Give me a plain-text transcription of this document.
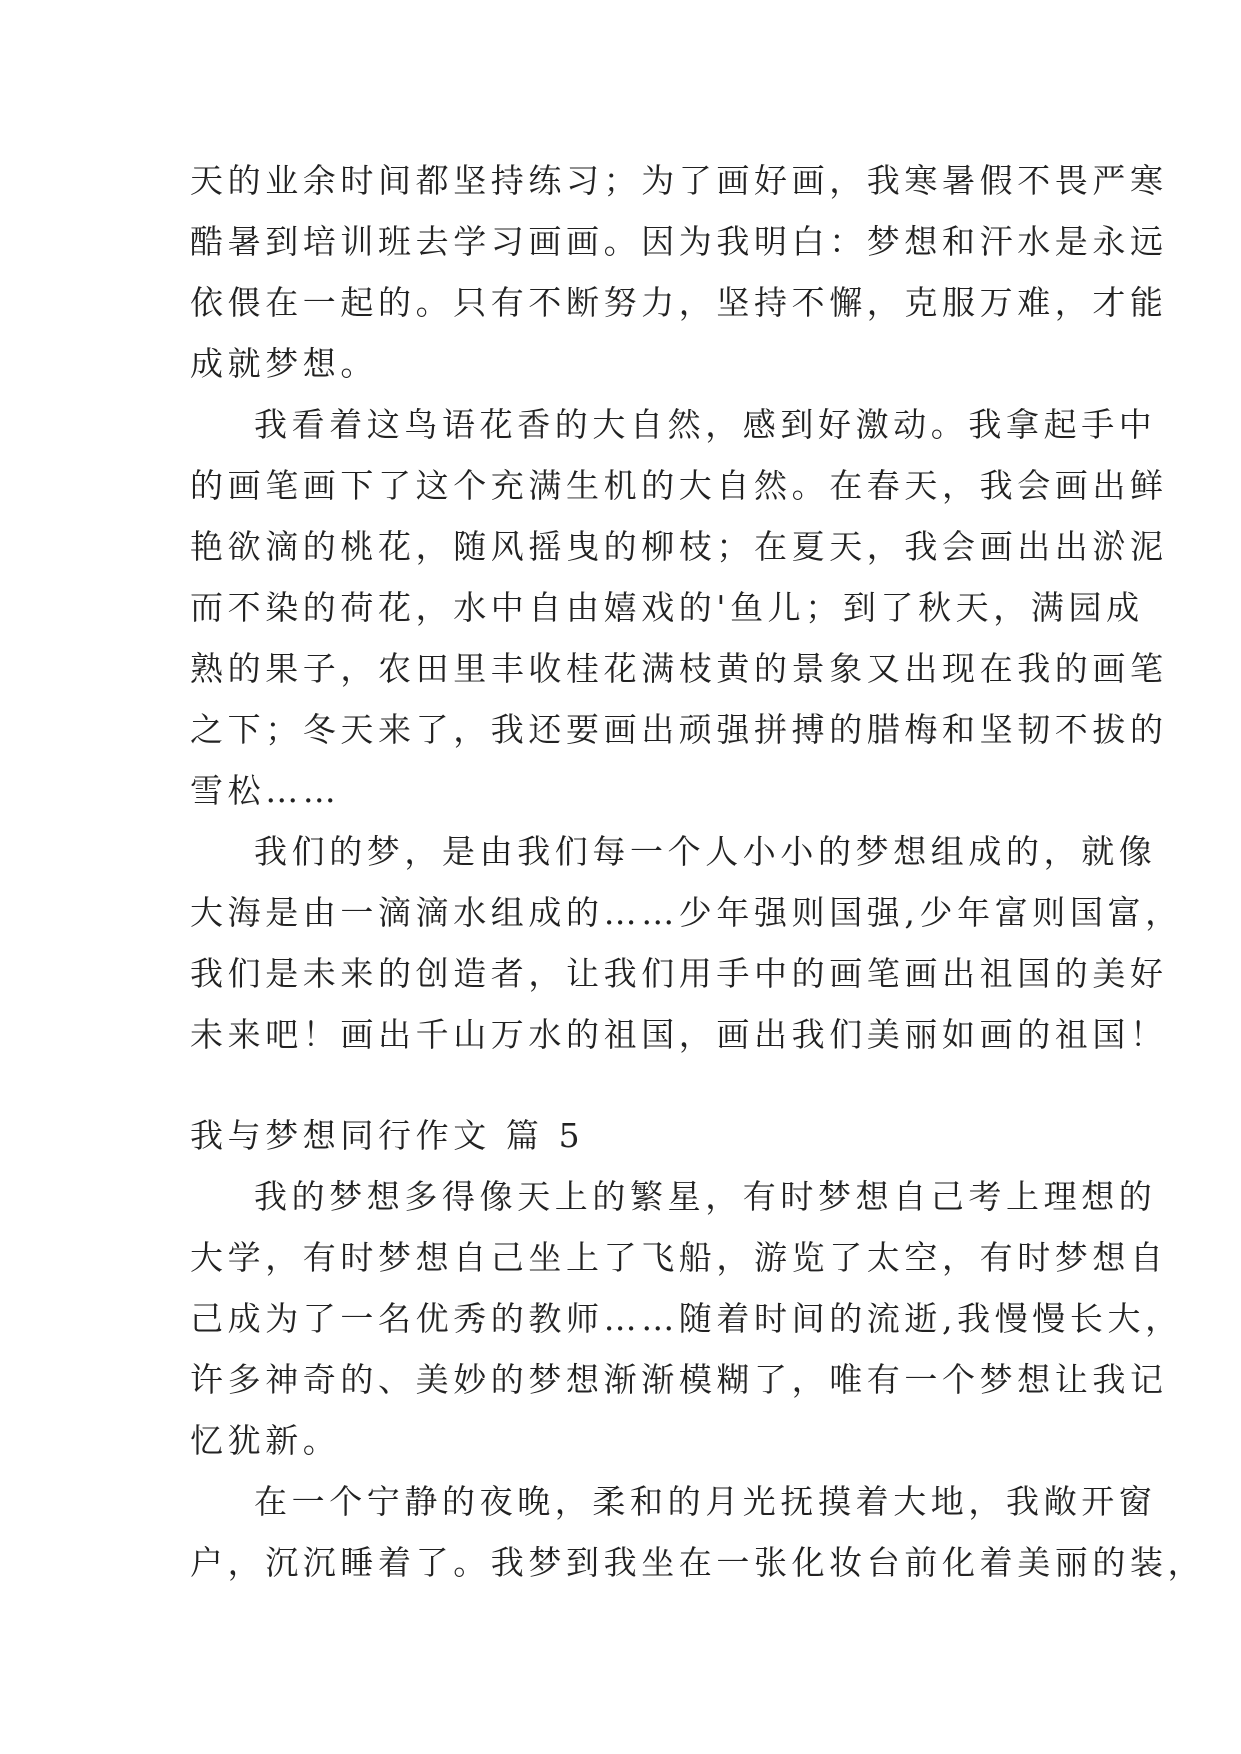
天的业余时间都坚持练习；为了画好画，我寒暑假不畏严寒
酷暑到培训班去学习画画。因为我明白：梦想和汗水是永远
依偎在一起的。只有不断努力，坚持不懈，克服万难，才能
成就梦想。
我看着这鸟语花香的大自然，感到好激动。我拿起手中
的画笔画下了这个充满生机的大自然。在春天，我会画出鲜
艳欲滴的桃花，随风摇曳的柳枝；在夏天，我会画出出淤泥
而不染的荷花，水中自由嬉戏的'鱼儿；到了秋天，满园成
熟的果子，农田里丰收桂花满枝黄的景象又出现在我的画笔
之下；冬天来了，我还要画出顽强拼搏的腊梅和坚韧不拔的
雪松……
我们的梦，是由我们每一个人小小的梦想组成的，就像
大海是由一滴滴水组成的……少年强则国强,少年富则国富，
我们是未来的创造者，让我们用手中的画笔画出祖国的美好
未来吧！画出千山万水的祖国，画出我们美丽如画的祖国！
我与梦想同行作文 篇 5
我的梦想多得像天上的繁星，有时梦想自己考上理想的
大学，有时梦想自己坐上了飞船，游览了太空，有时梦想自
己成为了一名优秀的教师……随着时间的流逝,我慢慢长大，
许多神奇的、美妙的梦想渐渐模糊了，唯有一个梦想让我记
忆犹新。
在一个宁静的夜晚，柔和的月光抚摸着大地，我敞开窗
户，沉沉睡着了。我梦到我坐在一张化妆台前化着美丽的装，
